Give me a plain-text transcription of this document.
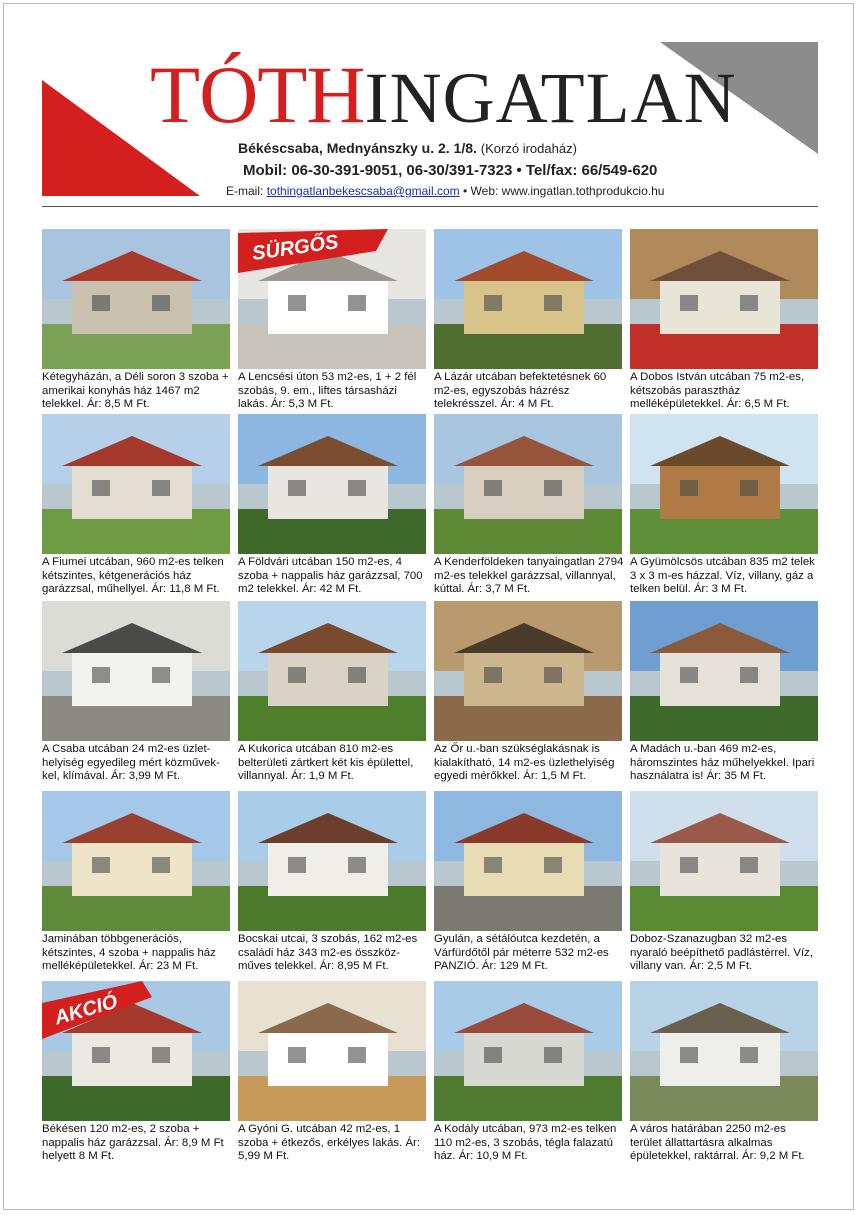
TÓTHINGATLAN
Békéscsaba, Mednyánszky u. 2. 1/8. (Korzó irodaház)
Mobil: 06-30-391-9051, 06-30/391-7323 • Tel/fax: 66/549-620
E-mail: tothingatlanbekescsaba@gmail.com • Web: www.ingatlan.tothprodukcio.hu
Kétegyházán, a Déli soron 3 szoba + amerikai konyhás ház 1467 m2 telekkel. Ár: 8,5 M Ft.
SÜRGŐS
A Lencsési úton 53 m2-es, 1 + 2 fél szobás, 9. em., liftes társasházi lakás. Ár: 5,3 M Ft.
A Lázár utcában befektetésnek 60 m2-es, egyszobás házrész telekrésszel. Ár: 4 M Ft.
A Dobos István utcában 75 m2-es, kétszobás parasztház melléképületekkel. Ár: 6,5 M Ft.
A Fiumei utcában, 960 m2-es telken kétszintes, kétgenerációs ház garázzsal, műhellyel. Ár: 11,8 M Ft.
A Földvári utcában 150 m2-es, 4 szoba + nappalis ház garázzsal, 700 m2 telekkel. Ár: 42 M Ft.
A Kenderföldeken tanyaingatlan 2794 m2-es telekkel garázzsal, villannyal, kúttal. Ár: 3,7 M Ft.
A Gyümölcsös utcában 835 m2 telek 3 x 3 m-es házzal. Víz, villany, gáz a telken belül. Ár: 3 M Ft.
A Csaba utcában 24 m2-es üzlet-helyiség egyedileg mért közművek-kel, klímával. Ár: 3,99 M Ft.
A Kukorica utcában 810 m2-es belterületi zártkert két kis épülettel, villannyal. Ár: 1,9 M Ft.
Az Őr u.-ban szükséglakásnak is kialakítható, 14 m2-es üzlethelyiség egyedi mérőkkel. Ár: 1,5 M Ft.
A Madách u.-ban 469 m2-es, háromszintes ház műhelyekkel. Ipari használatra is! Ár: 35 M Ft.
Jaminában többgenerációs, kétszintes, 4 szoba + nappalis ház melléképületekkel. Ár: 23 M Ft.
Bocskai utcai, 3 szobás, 162 m2-es családi ház 343 m2-es összköz-műves telekkel. Ár: 8,95 M Ft.
Gyulán, a sétálóutca kezdetén, a Várfürdőtől pár méterre 532 m2-es PANZIÓ. Ár: 129 M Ft.
Doboz-Szanazugban 32 m2-es nyaraló beépíthető padlástérrel. Víz, villany van. Ár: 2,5 M Ft.
AKCIÓ
Békésen 120 m2-es, 2 szoba + nappalis ház garázzsal. Ár: 8,9 M Ft helyett 8 M Ft.
A Gyóni G. utcában 42 m2-es, 1 szoba + étkezős, erkélyes lakás. Ár: 5,99 M Ft.
A Kodály utcában, 973 m2-es telken 110 m2-es, 3 szobás, tégla falazatú ház. Ár: 10,9 M Ft.
A város határában 2250 m2-es terület állattartásra alkalmas épületekkel, raktárral. Ár: 9,2 M Ft.
